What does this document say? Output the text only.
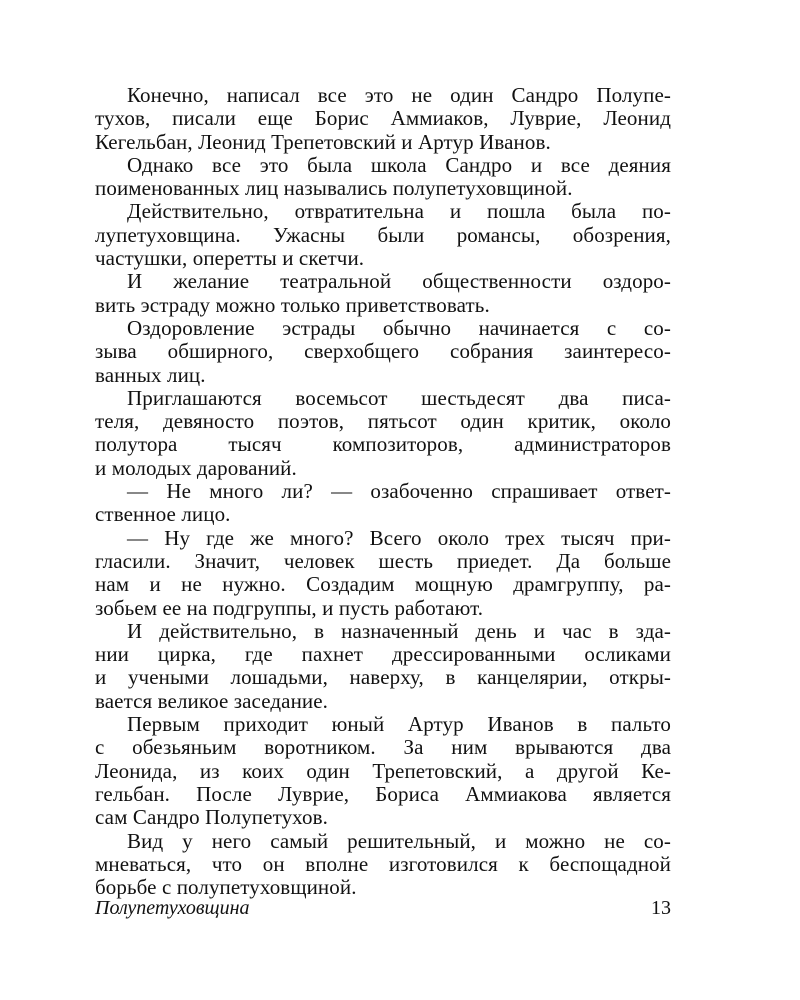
Конечно, написал все это не один Сандро Полупе-
тухов, писали еще Борис Аммиаков, Луврие, Леонид
Кегельбан, Леонид Трепетовский и Артур Иванов.
Однако все это была школа Сандро и все деяния
поименованных лиц назывались полупетуховщиной.
Действительно, отвратительна и пошла была по-
лупетуховщина. Ужасны были романсы, обозрения,
частушки, оперетты и скетчи.
И желание театральной общественности оздоро-
вить эстраду можно только приветствовать.
Оздоровление эстрады обычно начинается с со-
зыва обширного, сверхобщего собрания заинтересо-
ванных лиц.
Приглашаются восемьсот шестьдесят два писа-
теля, девяносто поэтов, пятьсот один критик, около
полутора тысяч композиторов, администраторов
и молодых дарований.
— Не много ли? — озабоченно спрашивает ответ-
ственное лицо.
— Ну где же много? Всего около трех тысяч при-
гласили. Значит, человек шесть приедет. Да больше
нам и не нужно. Создадим мощную драмгруппу, ра-
зобьем ее на подгруппы, и пусть работают.
И действительно, в назначенный день и час в зда-
нии цирка, где пахнет дрессированными осликами
и учеными лошадьми, наверху, в канцелярии, откры-
вается великое заседание.
Первым приходит юный Артур Иванов в пальто
с обезьяньим воротником. За ним врываются два
Леонида, из коих один Трепетовский, а другой Ке-
гельбан. После Луврие, Бориса Аммиакова является
сам Сандро Полупетухов.
Вид у него самый решительный, и можно не со-
мневаться, что он вполне изготовился к беспощадной
борьбе с полупетуховщиной.
Полупетуховщина	13
